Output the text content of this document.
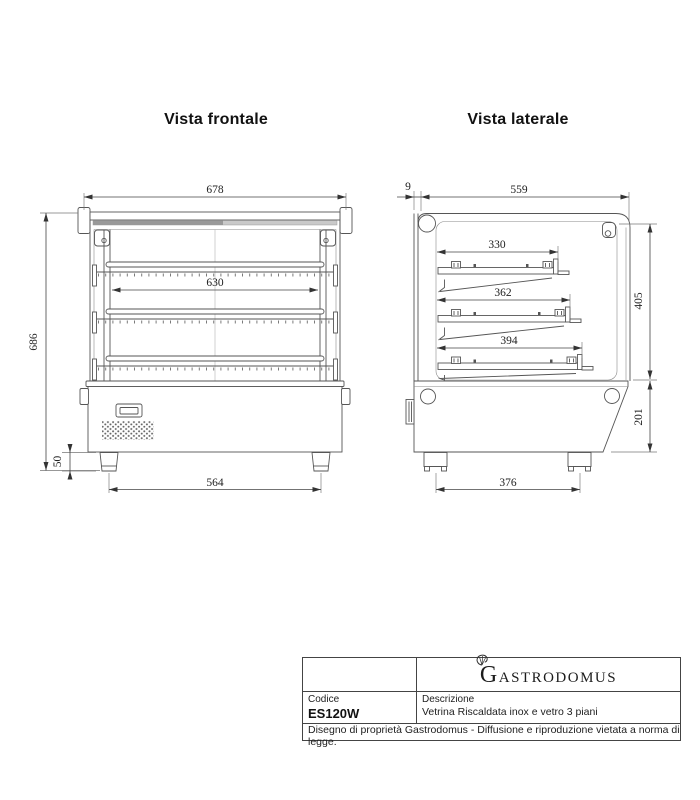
Vista frontale	Vista laterale
678
630
686
50
564
9	559
330
362
394
405
201
376
GASTRODOMUS
Codice
ES120W
Descrizione
Vetrina Riscaldata inox e vetro 3 piani
Disegno di proprietà Gastrodomus - Diffusione e riproduzione vietata a norma di legge.
